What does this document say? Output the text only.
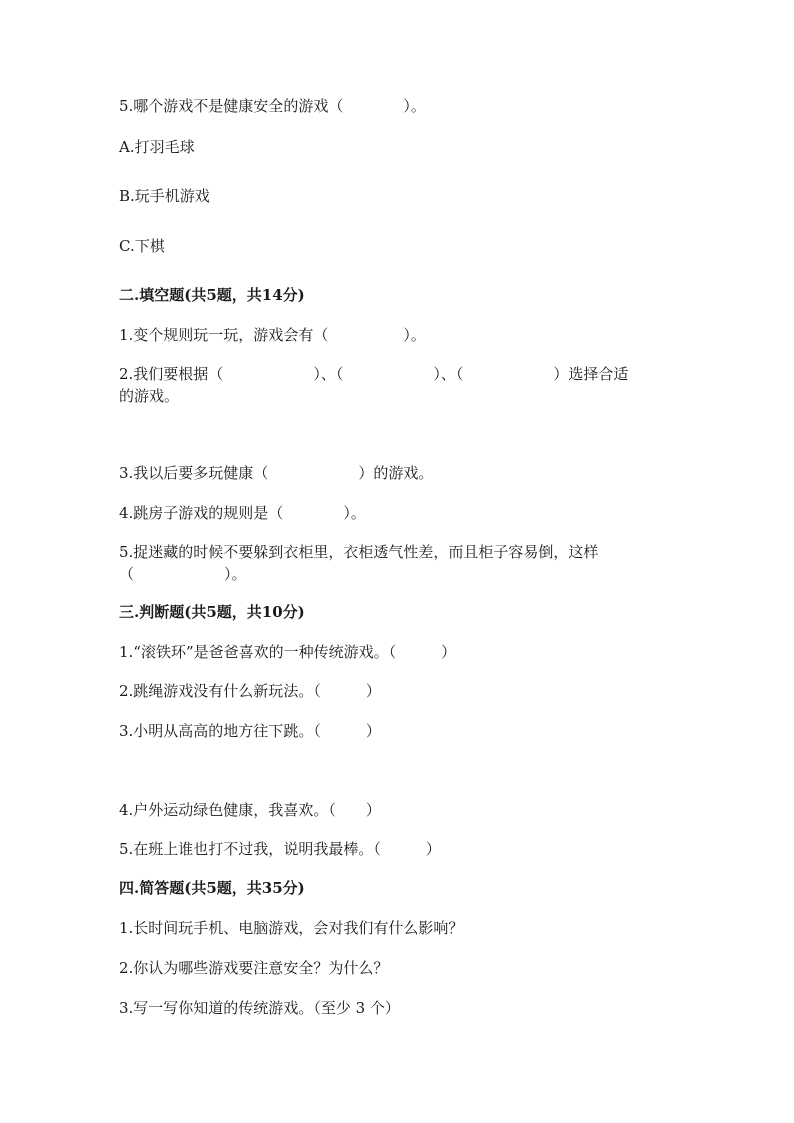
5.哪个游戏不是健康安全的游戏（　　　　）。
A.打羽毛球
B.玩手机游戏
C.下棋
二.填空题(共5题，共14分)
1.变个规则玩一玩，游戏会有（　　　　　）。
2.我们要根据（　　　　　　）、（　　　　　　）、（　　　　　　）选择合适
的游戏。
3.我以后要多玩健康（　　　　　　）的游戏。
4.跳房子游戏的规则是（　　　　）。
5.捉迷藏的时候不要躲到衣柜里，衣柜透气性差，而且柜子容易倒，这样
（　　　　　　）。
三.判断题(共5题，共10分)
1.“滚铁环”是爸爸喜欢的一种传统游戏。（　　　）
2.跳绳游戏没有什么新玩法。（　　　）
3.小明从高高的地方往下跳。（　　　）
4.户外运动绿色健康，我喜欢。（　　）
5.在班上谁也打不过我，说明我最棒。（　　　）
四.简答题(共5题，共35分)
1.长时间玩手机、电脑游戏，会对我们有什么影响？
2.你认为哪些游戏要注意安全？为什么？
3.写一写你知道的传统游戏。（至少 3 个）
